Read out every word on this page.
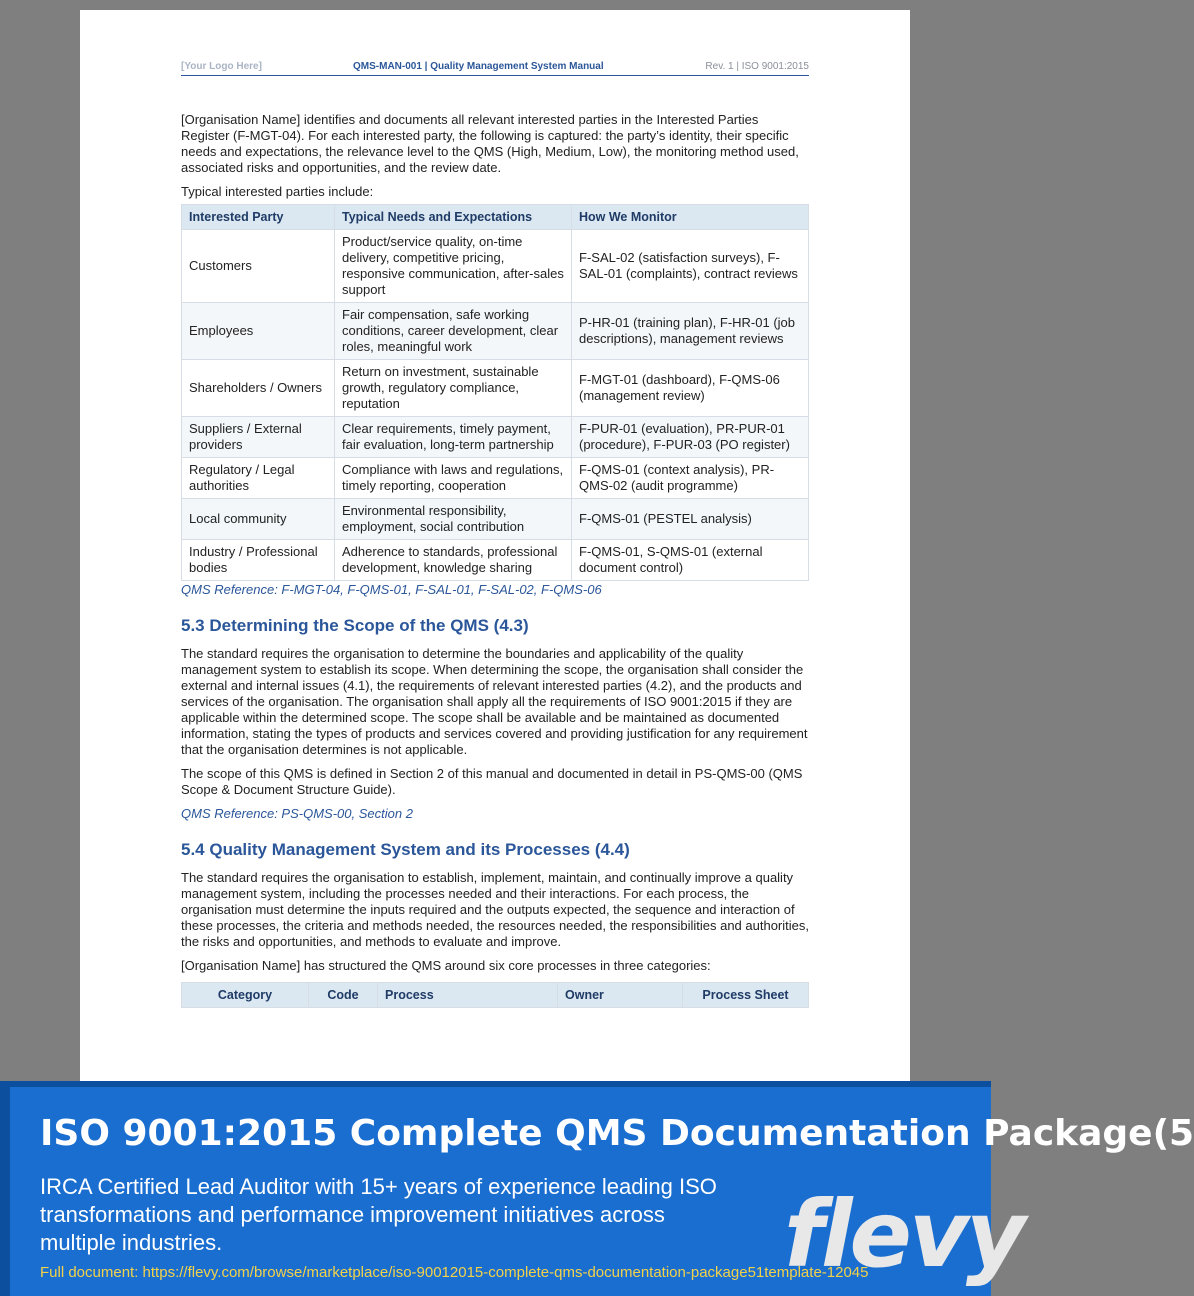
[Your Logo Here]	QMS-MAN-001 | Quality Management System Manual	Rev. 1 | ISO 9001:2015

[Organisation Name] identifies and documents all relevant interested parties in the Interested Parties Register (F-MGT-04). For each interested party, the following is captured: the party’s identity, their specific needs and expectations, the relevance level to the QMS (High, Medium, Low), the monitoring method used, associated risks and opportunities, and the review date.

Typical interested parties include:

Interested Party	Typical Needs and Expectations	How We Monitor
Customers	Product/service quality, on-time delivery, competitive pricing, responsive communication, after-sales support	F-SAL-02 (satisfaction surveys), F-SAL-01 (complaints), contract reviews
Employees	Fair compensation, safe working conditions, career development, clear roles, meaningful work	P-HR-01 (training plan), F-HR-01 (job descriptions), management reviews
Shareholders / Owners	Return on investment, sustainable growth, regulatory compliance, reputation	F-MGT-01 (dashboard), F-QMS-06 (management review)
Suppliers / External providers	Clear requirements, timely payment, fair evaluation, long-term partnership	F-PUR-01 (evaluation), PR-PUR-01 (procedure), F-PUR-03 (PO register)
Regulatory / Legal authorities	Compliance with laws and regulations, timely reporting, cooperation	F-QMS-01 (context analysis), PR-QMS-02 (audit programme)
Local community	Environmental responsibility, employment, social contribution	F-QMS-01 (PESTEL analysis)
Industry / Professional bodies	Adherence to standards, professional development, knowledge sharing	F-QMS-01, S-QMS-01 (external document control)

QMS Reference: F-MGT-04, F-QMS-01, F-SAL-01, F-SAL-02, F-QMS-06

5.3 Determining the Scope of the QMS (4.3)

The standard requires the organisation to determine the boundaries and applicability of the quality management system to establish its scope. When determining the scope, the organisation shall consider the external and internal issues (4.1), the requirements of relevant interested parties (4.2), and the products and services of the organisation. The organisation shall apply all the requirements of ISO 9001:2015 if they are applicable within the determined scope. The scope shall be available and be maintained as documented information, stating the types of products and services covered and providing justification for any requirement that the organisation determines is not applicable.

The scope of this QMS is defined in Section 2 of this manual and documented in detail in PS-QMS-00 (QMS Scope & Document Structure Guide).

QMS Reference: PS-QMS-00, Section 2

5.4 Quality Management System and its Processes (4.4)

The standard requires the organisation to establish, implement, maintain, and continually improve a quality management system, including the processes needed and their interactions. For each process, the organisation must determine the inputs required and the outputs expected, the sequence and interaction of these processes, the criteria and methods needed, the resources needed, the responsibilities and authorities, the risks and opportunities, and methods to evaluate and improve.

[Organisation Name] has structured the QMS around six core processes in three categories:

Category	Code	Process	Owner	Process Sheet
ISO 9001:2015 Complete QMS Documentation Package(5
IRCA Certified Lead Auditor with 15+ years of experience leading ISO transformations and performance improvement initiatives across multiple industries.	flevy
Full document: https://flevy.com/browse/marketplace/iso-90012015-complete-qms-documentation-package51template-12045
